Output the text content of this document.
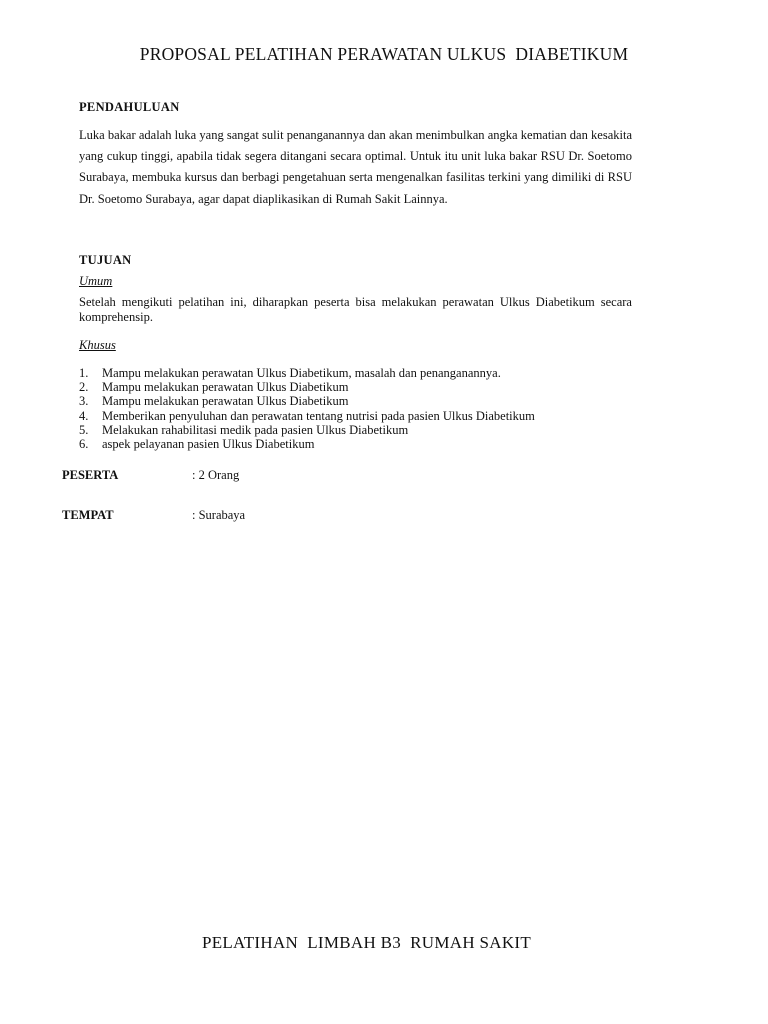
PROPOSAL PELATIHAN PERAWATAN ULKUS  DIABETIKUM
PENDAHULUAN
Luka bakar adalah luka yang sangat sulit penanganannya dan akan menimbulkan angka kematian dan kesakita yang cukup tinggi, apabila tidak segera ditangani secara optimal. Untuk itu unit luka bakar RSU Dr. Soetomo Surabaya, membuka kursus dan berbagi pengetahuan serta mengenalkan fasilitas terkini yang dimiliki di RSU Dr. Soetomo Surabaya, agar dapat diaplikasikan di Rumah Sakit Lainnya.
TUJUAN
Umum
Setelah mengikuti pelatihan ini, diharapkan peserta bisa melakukan perawatan Ulkus Diabetikum secara komprehensip.
Khusus
1.	Mampu melakukan perawatan Ulkus Diabetikum, masalah dan penanganannya.
2.	Mampu melakukan perawatan Ulkus Diabetikum
3.	Mampu melakukan perawatan Ulkus Diabetikum
4.	Memberikan penyuluhan dan perawatan tentang nutrisi pada pasien Ulkus Diabetikum
5.	Melakukan rahabilitasi medik pada pasien Ulkus Diabetikum
6.	aspek pelayanan pasien Ulkus Diabetikum
PESERTA	: 2 Orang
TEMPAT	: Surabaya
PELATIHAN  LIMBAH B3  RUMAH SAKIT
